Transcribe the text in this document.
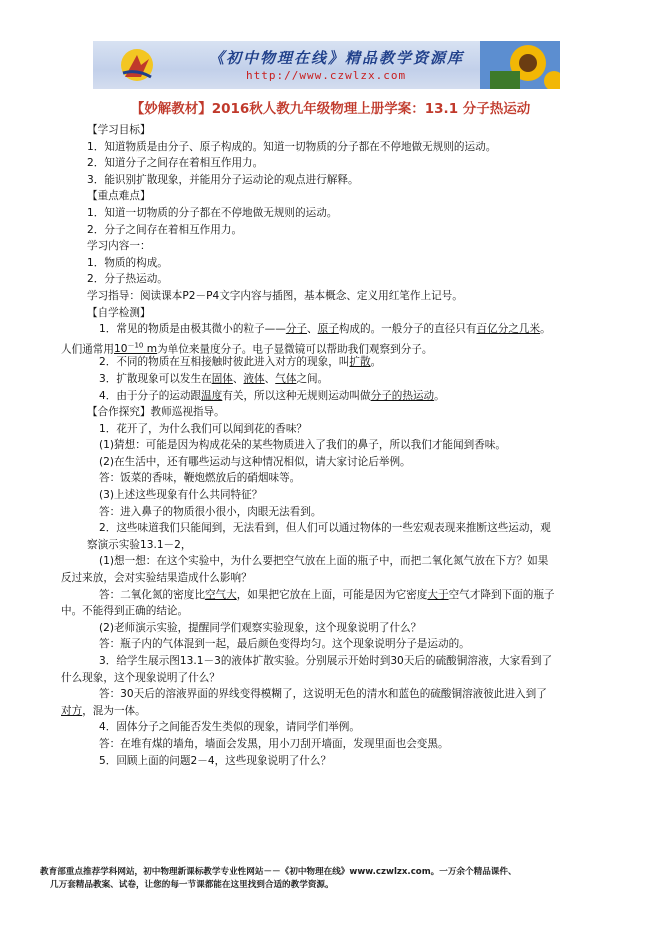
《初中物理在线》精品教学资源库
http://www.czwlzx.com
【妙解教材】2016秋人教九年级物理上册学案：13.1 分子热运动
【学习目标】
1．知道物质是由分子、原子构成的。知道一切物质的分子都在不停地做无规则的运动。
2．知道分子之间存在着相互作用力。
3．能识别扩散现象，并能用分子运动论的观点进行解释。
【重点难点】
1．知道一切物质的分子都在不停地做无规则的运动。
2．分子之间存在着相互作用力。
学习内容一：
1．物质的构成。
2．分子热运动。
学习指导：阅读课本P2－P4文字内容与插图，基本概念、定义用红笔作上记号。
【自学检测】
1．常见的物质是由极其微小的粒子——分子、原子构成的。一般分子的直径只有百亿分之几米。
人们通常用$10^{-10}$ m为单位来量度分子。电子显微镜可以帮助我们观察到分子。
2．不同的物质在互相接触时彼此进入对方的现象，叫扩散。
3．扩散现象可以发生在固体、液体、气体之间。
4．由于分子的运动跟温度有关，所以这种无规则运动叫做分子的热运动。
【合作探究】教师巡视指导。
1．花开了，为什么我们可以闻到花的香味？
(1)猜想：可能是因为构成花朵的某些物质进入了我们的鼻子，所以我们才能闻到香味。
(2)在生活中，还有哪些运动与这种情况相似，请大家讨论后举例。
答：饭菜的香味，鞭炮燃放后的硝烟味等。
(3)上述这些现象有什么共同特征？
答：进入鼻子的物质很小很小，肉眼无法看到。
2．这些味道我们只能闻到，无法看到，但人们可以通过物体的一些宏观表现来推断这些运动，观
察演示实验13.1－2，
(1)想一想：在这个实验中，为什么要把空气放在上面的瓶子中，而把二氧化氮气放在下方？如果
反过来放，会对实验结果造成什么影响？
答：二氧化氮的密度比空气大，如果把它放在上面，可能是因为它密度大于空气才降到下面的瓶子
中。不能得到正确的结论。
(2)老师演示实验，提醒同学们观察实验现象，这个现象说明了什么？
答：瓶子内的气体混到一起，最后颜色变得均匀。这个现象说明分子是运动的。
3．给学生展示图13.1－3的液体扩散实验。分别展示开始时到30天后的硫酸铜溶液，大家看到了
什么现象，这个现象说明了什么？
答：30天后的溶液界面的界线变得模糊了，这说明无色的清水和蓝色的硫酸铜溶液彼此进入到了
对方，混为一体。
4．固体分子之间能否发生类似的现象，请同学们举例。
答：在堆有煤的墙角，墙面会发黑，用小刀刮开墙面，发现里面也会变黑。
5．回顾上面的问题2－4，这些现象说明了什么？
教育部重点推荐学科网站，初中物理新课标教学专业性网站－－《初中物理在线》www.czwlzx.com。一万余个精品课件、
几万套精品教案、试卷，让您的每一节课都能在这里找到合适的教学资源。
